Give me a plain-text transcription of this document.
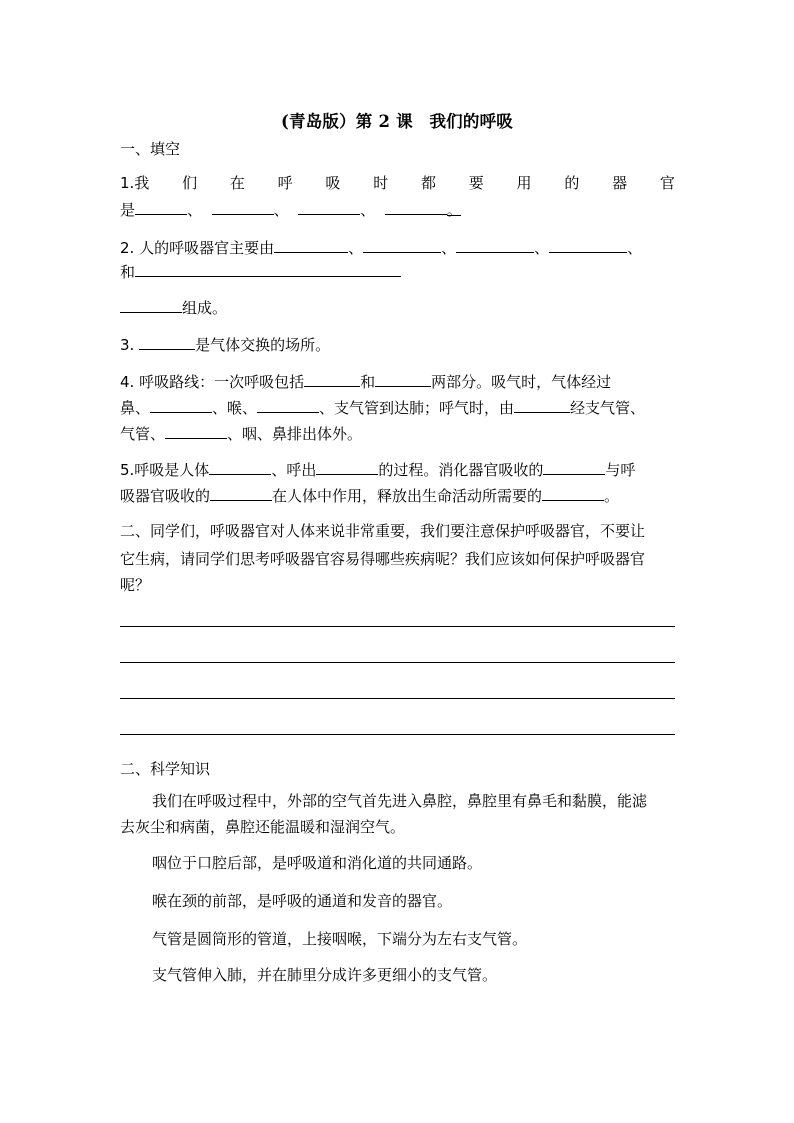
(青岛版）第 2 课　我们的呼吸
一、填空
1.我 们 在 呼 吸 时 都 要 用 的 器 官
是	、	、	、	。
2. 人的呼吸器官主要由	、	、	、	、
和
组成。
3.	是气体交换的场所。
4. 呼吸路线：一次呼吸包括	和	两部分。吸气时，气体经过
鼻、	、喉、	、支气管到达肺；呼气时，由	经支气管、
气管、	、咽、鼻排出体外。
5.呼吸是人体	、呼出	的过程。消化器官吸收的	与呼
吸器官吸收的	在人体中作用，释放出生命活动所需要的	。
二、同学们，呼吸器官对人体来说非常重要，我们要注意保护呼吸器官，不要让
它生病，请同学们思考呼吸器官容易得哪些疾病呢？我们应该如何保护呼吸器官
呢？
二、科学知识
我们在呼吸过程中，外部的空气首先进入鼻腔，鼻腔里有鼻毛和黏膜，能滤
去灰尘和病菌，鼻腔还能温暖和湿润空气。
咽位于口腔后部，是呼吸道和消化道的共同通路。
喉在颈的前部，是呼吸的通道和发音的器官。
气管是圆筒形的管道，上接咽喉，下端分为左右支气管。
支气管伸入肺，并在肺里分成许多更细小的支气管。
